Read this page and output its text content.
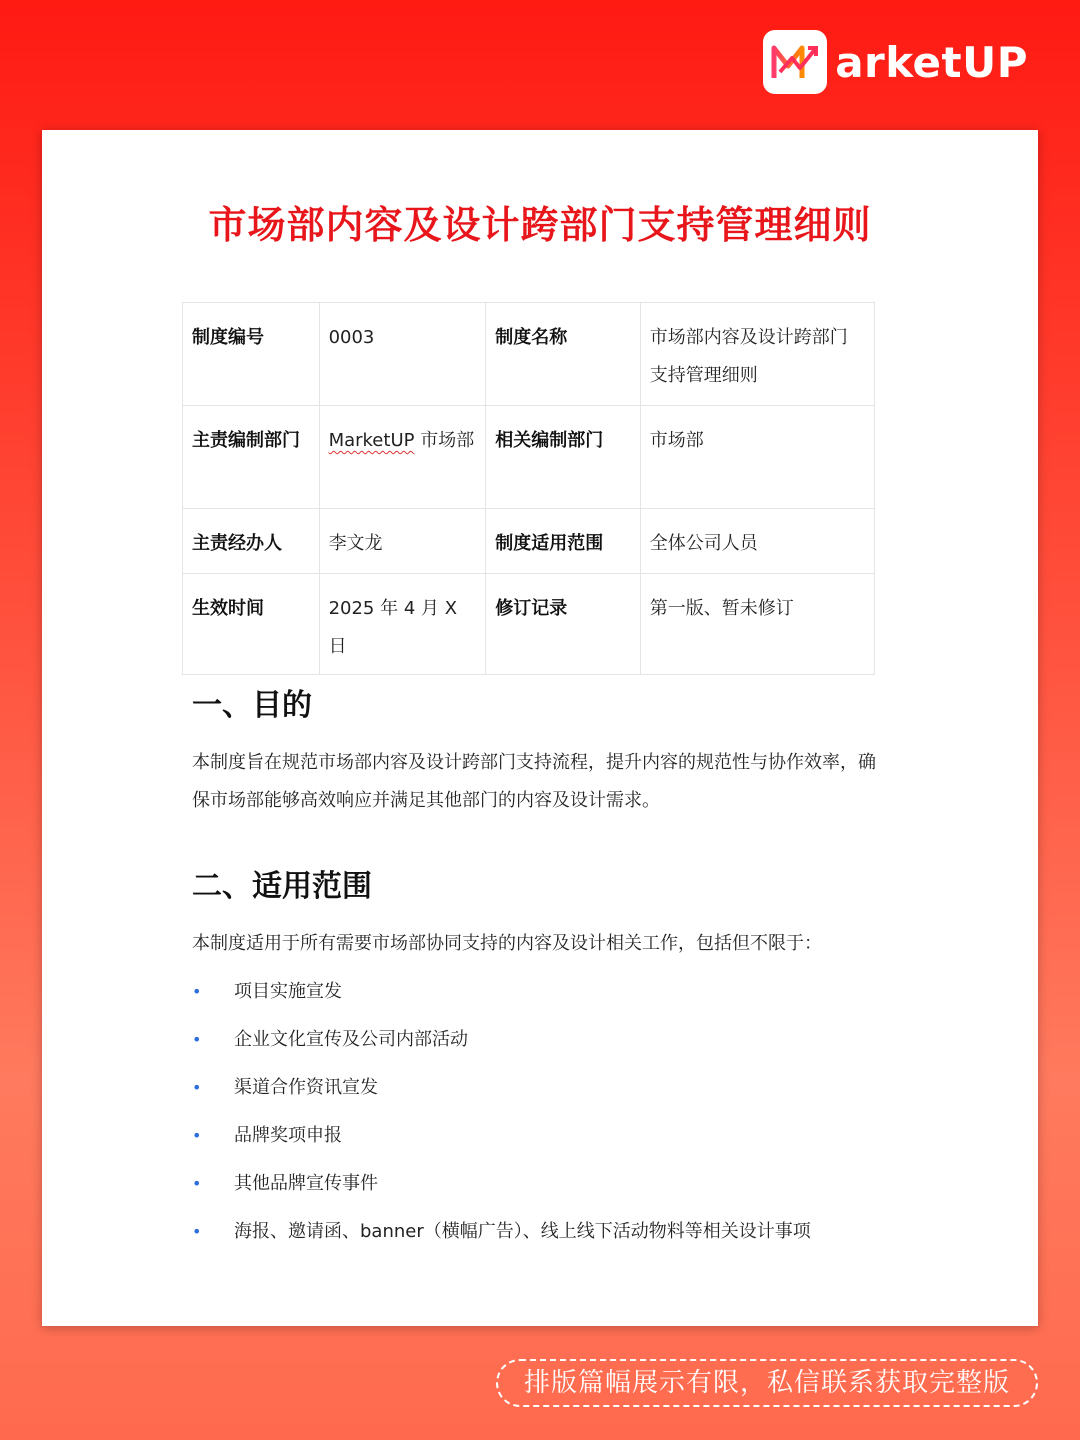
arketUP
市场部内容及设计跨部门支持管理细则
制度编号	0003	制度名称	市场部内容及设计跨部门支持管理细则
主责编制部门	MarketUP 市场部	相关编制部门	市场部
主责经办人	李文龙	制度适用范围	全体公司人员
生效时间	2025 年 4 月 X 日	修订记录	第一版、暂未修订
一、目的
本制度旨在规范市场部内容及设计跨部门支持流程，提升内容的规范性与协作效率，确保市场部能够高效响应并满足其他部门的内容及设计需求。
二、适用范围
本制度适用于所有需要市场部协同支持的内容及设计相关工作，包括但不限于：
•	项目实施宣发
•	企业文化宣传及公司内部活动
•	渠道合作资讯宣发
•	品牌奖项申报
•	其他品牌宣传事件
•	海报、邀请函、banner（横幅广告）、线上线下活动物料等相关设计事项
排版篇幅展示有限，私信联系获取完整版
